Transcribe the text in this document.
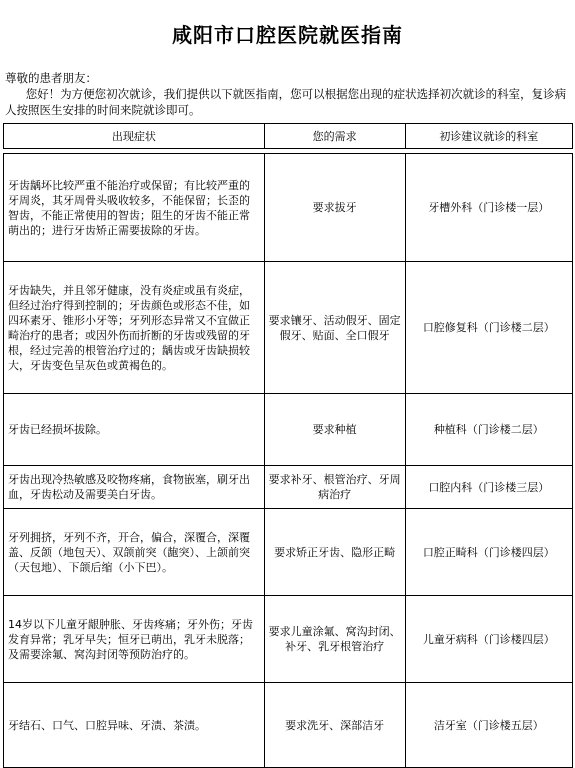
咸阳市口腔医院就医指南
尊敬的患者朋友：
您好！为方便您初次就诊，我们提供以下就医指南，您可以根据您出现的症状选择初次就诊的科室，复诊病人按照医生安排的时间来院就诊即可。
出现症状	您的需求	初诊建议就诊的科室

牙齿龋坏比较严重不能治疗或保留；有比较严重的牙周炎，其牙周骨头吸收较多，不能保留；长歪的智齿，不能正常使用的智齿；阻生的牙齿不能正常萌出的；进行牙齿矫正需要拔除的牙齿。	要求拔牙	牙槽外科（门诊楼一层）
牙齿缺失，并且邻牙健康，没有炎症或虽有炎症，但经过治疗得到控制的；牙齿颜色或形态不佳，如四环素牙、锥形小牙等；牙列形态异常又不宜做正畸治疗的患者；或因外伤而折断的牙齿或残留的牙根，经过完善的根管治疗过的；龋齿或牙齿缺损较大，牙齿变色呈灰色或黄褐色的。	要求镶牙、活动假牙、固定假牙、贴面、全口假牙	口腔修复科（门诊楼二层）
牙齿已经损坏拔除。	要求种植	种植科（门诊楼二层）
牙齿出现冷热敏感及咬物疼痛，食物嵌塞，刷牙出血，牙齿松动及需要美白牙齿。	要求补牙、根管治疗、牙周病治疗	口腔内科（门诊楼三层）
牙列拥挤，牙列不齐，开合，偏合，深覆合，深覆盖、反颌（地包天）、双颌前突（龅突）、上颌前突（天包地）、下颌后缩（小下巴）。	要求矫正牙齿、隐形正畸	口腔正畸科（门诊楼四层）
14岁以下儿童牙龈肿胀、牙齿疼痛；牙外伤；牙齿发育异常；乳牙早失；恒牙已萌出，乳牙未脱落；及需要涂氟、窝沟封闭等预防治疗的。	要求儿童涂氟、窝沟封闭、补牙、乳牙根管治疗	儿童牙病科（门诊楼四层）
牙结石、口气、口腔异味、牙渍、茶渍。	要求洗牙、深部洁牙	洁牙室（门诊楼五层）
